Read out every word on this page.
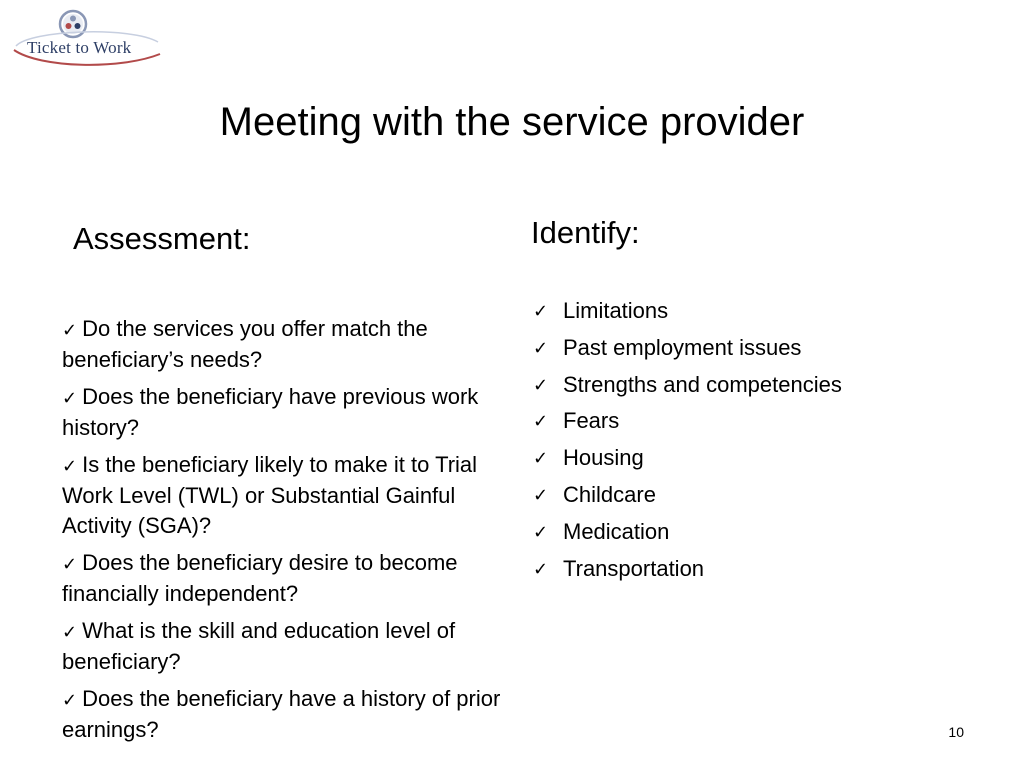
Ticket to Work
Meeting with the service provider
Assessment:
✓ Do the services you offer match the beneficiary’s needs?
✓ Does the beneficiary have previous work history?
✓ Is the beneficiary likely to make it to Trial Work Level (TWL) or Substantial Gainful Activity (SGA)?
✓ Does the beneficiary desire to become financially independent?
✓ What is the skill and education level of beneficiary?
✓ Does the beneficiary have a history of prior earnings?
Identify:
✓ Limitations
✓ Past employment issues
✓ Strengths and competencies
✓ Fears
✓ Housing
✓ Childcare
✓ Medication
✓ Transportation
10
